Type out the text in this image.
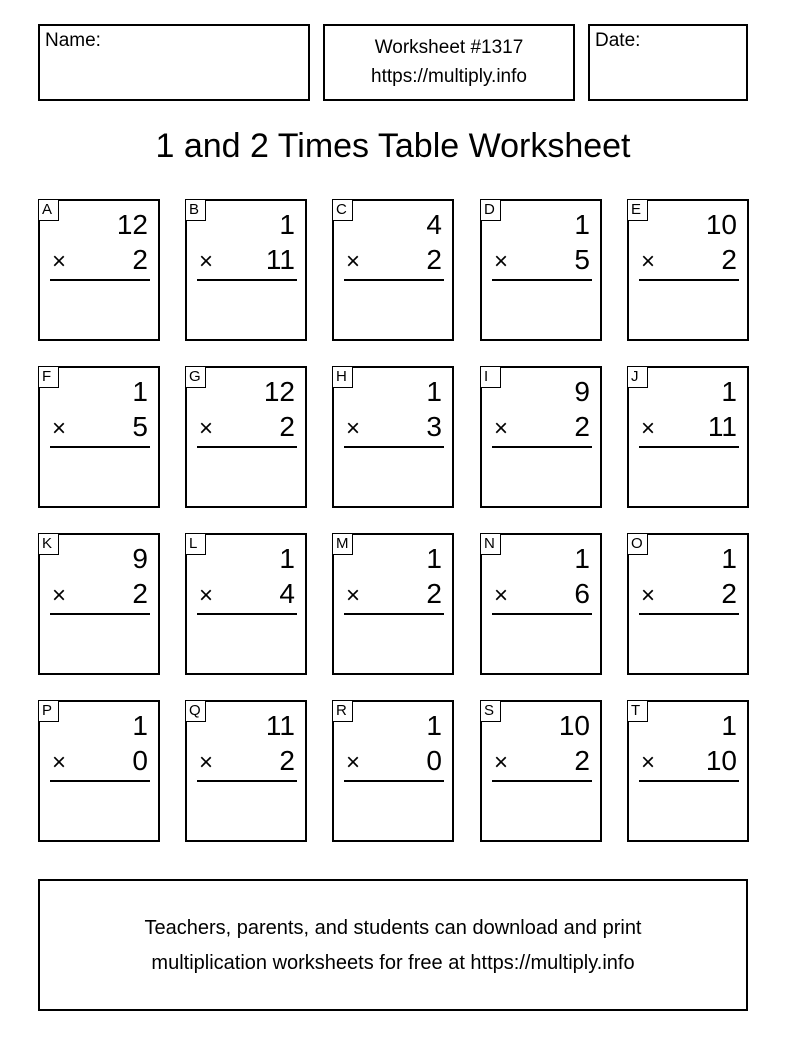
Name:	Worksheet #1317
https://multiply.info
Date:
1 and 2 Times Table Worksheet
A 12
× 2
B	1
× 11
C	4
× 2
D	1
× 5
E 10
× 2
F	1
× 5
G 12
× 2
H	1
× 3
I	9
× 2
J	1
× 11
K	9
× 2
L	1
× 4
M	1
× 2
N	1
× 6
O	1
× 2
P	1
× 0
Q 11
× 2
R	1
× 0
S 10
× 2
T	1
× 10
Teachers, parents, and students can download and print
multiplication worksheets for free at https://multiply.info
